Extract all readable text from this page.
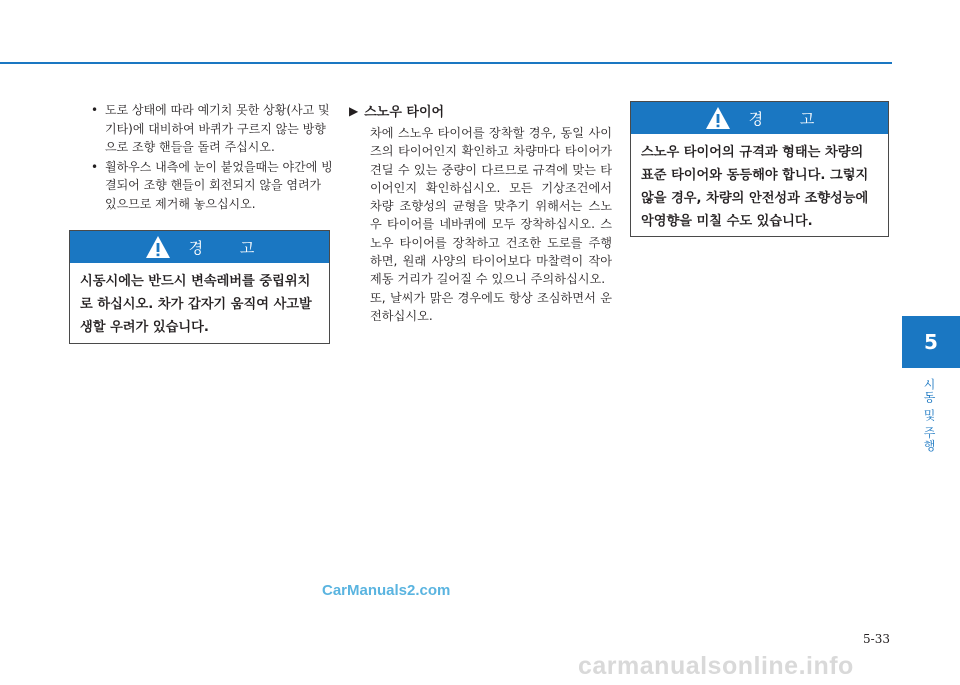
• 도로 상태에 따라 예기치 못한 상황(사고 및 기타)에 대비하여 바퀴가 구르지 않는 방향으로 조향 핸들을 돌려 주십시오.
• 휠하우스 내측에 눈이 붙었을때는 야간에 빙결되어 조향 핸들이 회전되지 않을 염려가 있으므로 제거해 놓으십시오.
경 고
시동시에는 반드시 변속레버를 중립위치로 하십시오. 차가 갑자기 움직여 사고발생할 우려가 있습니다.
▶ 스노우 타이어

차에 스노우 타이어를 장착할 경우, 동일 사이즈의 타이어인지 확인하고 차량마다 타이어가 견딜 수 있는 중량이 다르므로 규격에 맞는 타이어인지 확인하십시오. 모든 기상조건에서 차량 조향성의 균형을 맞추기 위해서는 스노우 타이어를 네바퀴에 모두 장착하십시오. 스노우 타이어를 장착하고 건조한 도로를 주행하면, 원래 사양의 타이어보다 마찰력이 작아 제동 거리가 길어질 수 있으니 주의하십시오.

또, 날씨가 맑은 경우에도 항상 조심하면서 운전하십시오.

경 고
스노우 타이어의 규격과 형태는 차량의 표준 타이어와 동등해야 합니다. 그렇지 않을 경우, 차량의 안전성과 조향성능에 악영향을 미칠 수도 있습니다.
5
시동 및 주행
CarManuals2.com
5-33
carmanualsonline.info
